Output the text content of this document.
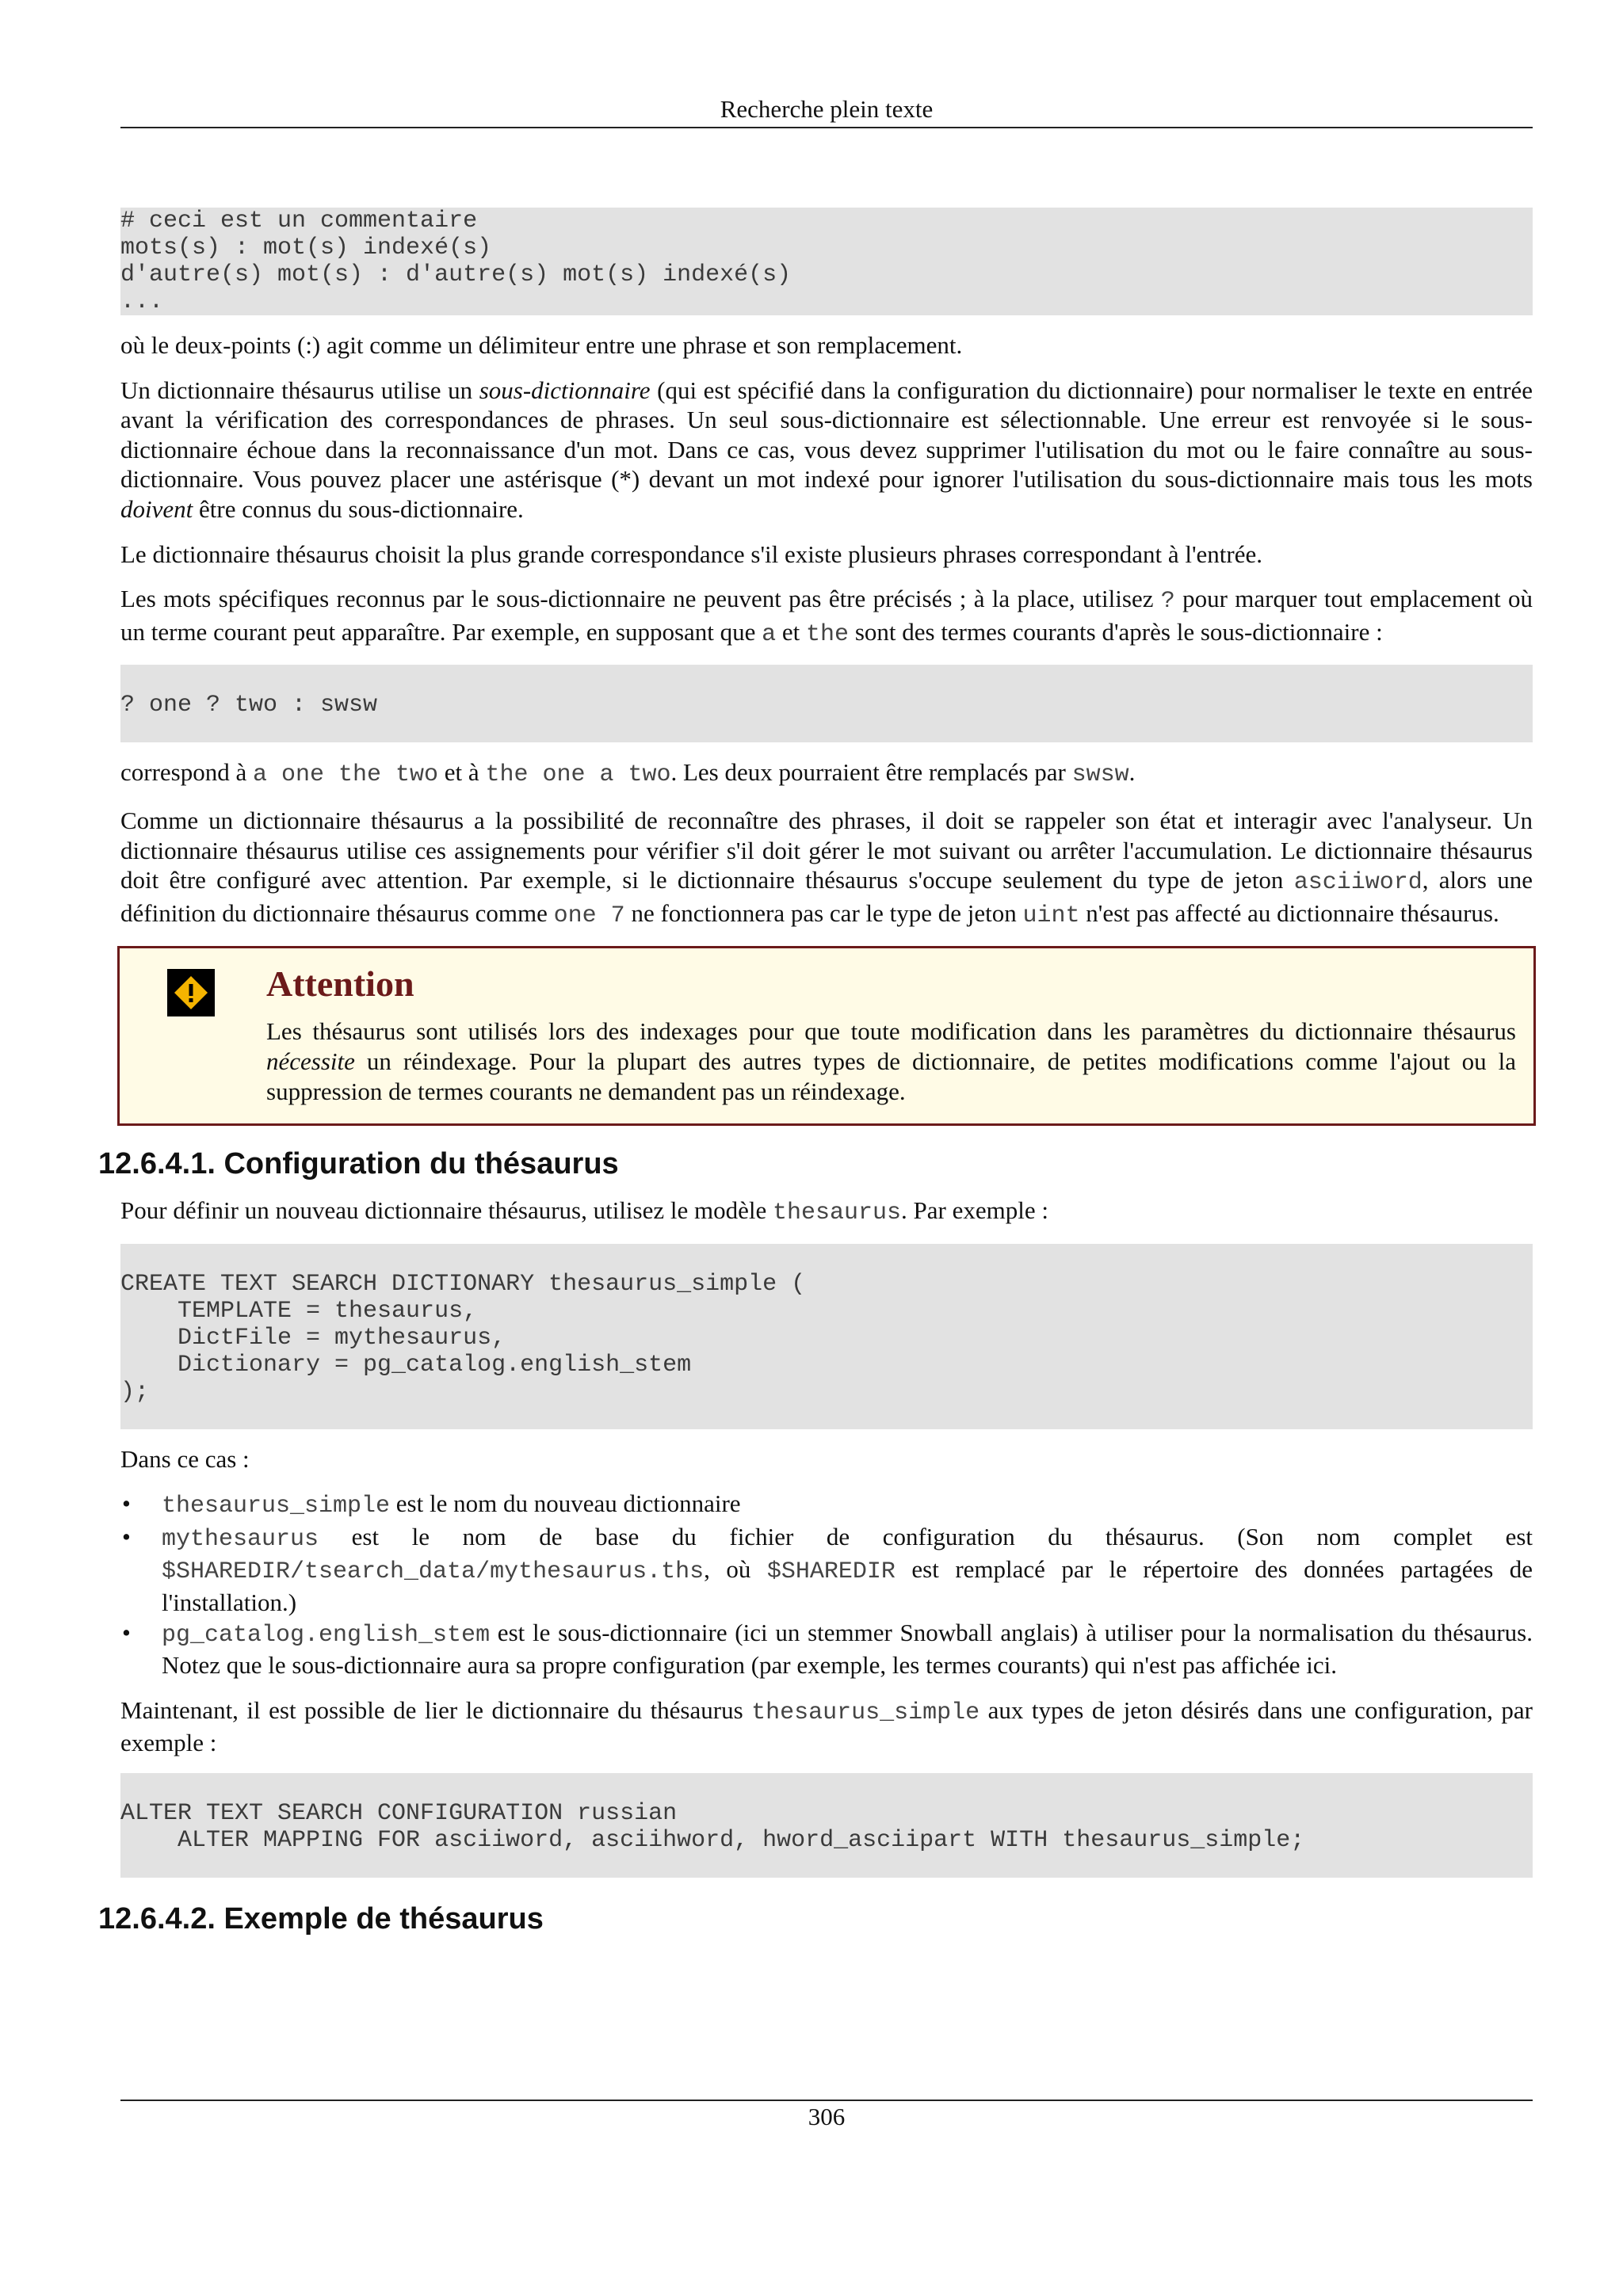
Recherche plein texte
# ceci est un commentaire
mots(s) : mot(s) indexé(s)
d'autre(s) mot(s) : d'autre(s) mot(s) indexé(s)
...

où le deux-points (:) agit comme un délimiteur entre une phrase et son remplacement.

Un dictionnaire thésaurus utilise un sous-dictionnaire (qui est spécifié dans la configuration du dictionnaire) pour normaliser le texte en entrée avant la vérification des correspondances de phrases. Un seul sous-dictionnaire est sélectionnable. Une erreur est renvoyée si le sous-dictionnaire échoue dans la reconnaissance d'un mot. Dans ce cas, vous devez supprimer l'utilisation du mot ou le faire connaître au sous-dictionnaire. Vous pouvez placer une astérisque (*) devant un mot indexé pour ignorer l'utilisation du sous-dictionnaire mais tous les mots doivent être connus du sous-dictionnaire.

Le dictionnaire thésaurus choisit la plus grande correspondance s'il existe plusieurs phrases correspondant à l'entrée.

Les mots spécifiques reconnus par le sous-dictionnaire ne peuvent pas être précisés ; à la place, utilisez ? pour marquer tout emplacement où un terme courant peut apparaître. Par exemple, en supposant que a et the sont des termes courants d'après le sous-dictionnaire :

? one ? two : swsw

correspond à a one the two et à the one a two. Les deux pourraient être remplacés par swsw.

Comme un dictionnaire thésaurus a la possibilité de reconnaître des phrases, il doit se rappeler son état et interagir avec l'analyseur. Un dictionnaire thésaurus utilise ces assignements pour vérifier s'il doit gérer le mot suivant ou arrêter l'accumulation. Le dictionnaire thésaurus doit être configuré avec attention. Par exemple, si le dictionnaire thésaurus s'occupe seulement du type de jeton asciiword, alors une définition du dictionnaire thésaurus comme one 7 ne fonctionnera pas car le type de jeton uint n'est pas affecté au dictionnaire thésaurus.

Attention

Les thésaurus sont utilisés lors des indexages pour que toute modification dans les paramètres du dictionnaire thésaurus nécessite un réindexage. Pour la plupart des autres types de dictionnaire, de petites modifications comme l'ajout ou la suppression de termes courants ne demandent pas un réindexage.

12.6.4.1. Configuration du thésaurus

Pour définir un nouveau dictionnaire thésaurus, utilisez le modèle thesaurus. Par exemple :

CREATE TEXT SEARCH DICTIONARY thesaurus_simple (
TEMPLATE = thesaurus,
DictFile = mythesaurus,
Dictionary = pg_catalog.english_stem
);

Dans ce cas :

• thesaurus_simple est le nom du nouveau dictionnaire
• mythesaurus est le nom de base du fichier de configuration du thésaurus. (Son nom complet est $SHAREDIR/tsearch_data/mythesaurus.ths, où $SHAREDIR est remplacé par le répertoire des données partagées de l'installation.)
• pg_catalog.english_stem est le sous-dictionnaire (ici un stemmer Snowball anglais) à utiliser pour la normalisation du thésaurus. Notez que le sous-dictionnaire aura sa propre configuration (par exemple, les termes courants) qui n'est pas affichée ici.

Maintenant, il est possible de lier le dictionnaire du thésaurus thesaurus_simple aux types de jeton désirés dans une configuration, par exemple :

ALTER TEXT SEARCH CONFIGURATION russian
ALTER MAPPING FOR asciiword, asciihword, hword_asciipart WITH thesaurus_simple;
12.6.4.2. Exemple de thésaurus
306
